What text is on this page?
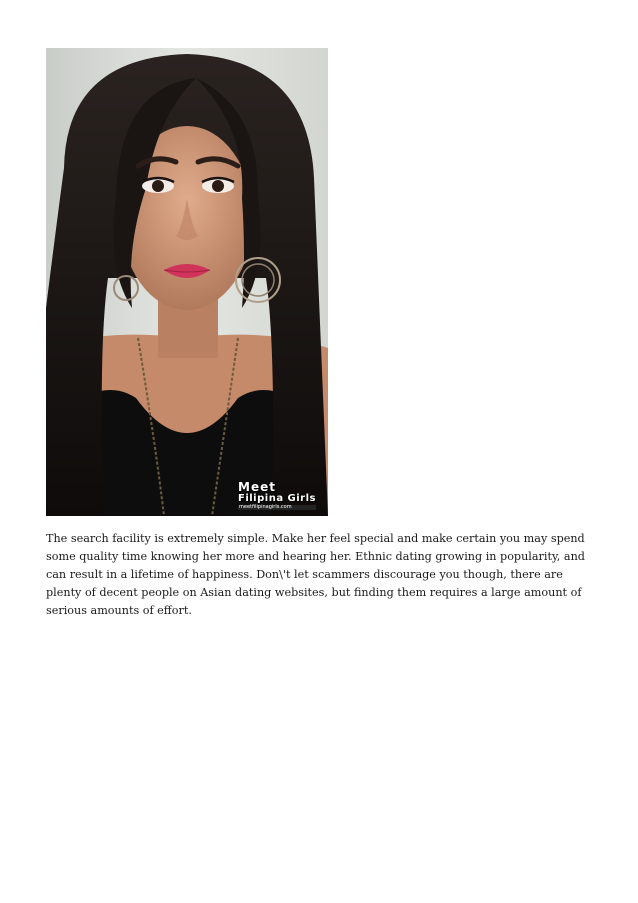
Meet
Filipina Girls
meetfilipinagirls.com

The search facility is extremely simple. Make her feel special and make certain you may spend some quality time knowing her more and hearing her. Ethnic dating growing in popularity, and can result in a lifetime of happiness. Don\'t let scammers discourage you though, there are plenty of decent people on Asian dating websites, but finding them requires a large amount of serious amounts of effort.
